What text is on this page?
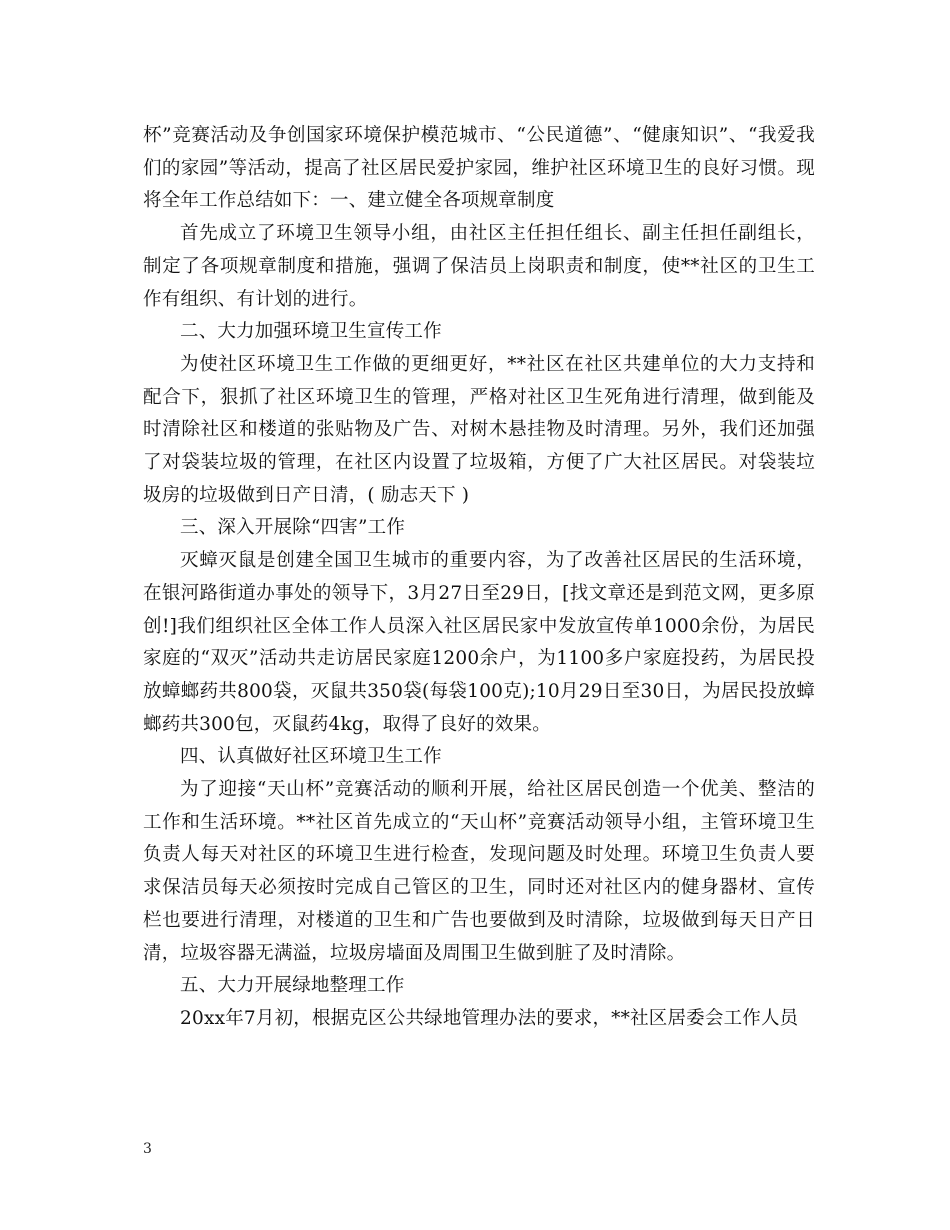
杯”竞赛活动及争创国家环境保护模范城市、“公民道德”、“健康知识”、“我爱我们的家园”等活动，提高了社区居民爱护家园，维护社区环境卫生的良好习惯。现将全年工作总结如下：一、建立健全各项规章制度

首先成立了环境卫生领导小组，由社区主任担任组长、副主任担任副组长，制定了各项规章制度和措施，强调了保洁员上岗职责和制度，使**社区的卫生工作有组织、有计划的进行。

二、大力加强环境卫生宣传工作

为使社区环境卫生工作做的更细更好，**社区在社区共建单位的大力支持和配合下，狠抓了社区环境卫生的管理，严格对社区卫生死角进行清理，做到能及时清除社区和楼道的张贴物及广告、对树木悬挂物及时清理。另外，我们还加强了对袋装垃圾的管理，在社区内设置了垃圾箱，方便了广大社区居民。对袋装垃圾房的垃圾做到日产日清，( 励志天下 )

三、深入开展除“四害”工作

灭蟑灭鼠是创建全国卫生城市的重要内容，为了改善社区居民的生活环境，在银河路街道办事处的领导下，3月27日至29日，[找文章还是到范文网，更多原创!]我们组织社区全体工作人员深入社区居民家中发放宣传单1000余份，为居民家庭的“双灭”活动共走访居民家庭1200余户，为1100多户家庭投药，为居民投放蟑螂药共800袋，灭鼠共350袋(每袋100克);10月29日至30日，为居民投放蟑螂药共300包，灭鼠药4kg，取得了良好的效果。

四、认真做好社区环境卫生工作

为了迎接“天山杯”竞赛活动的顺利开展，给社区居民创造一个优美、整洁的工作和生活环境。**社区首先成立的“天山杯”竞赛活动领导小组，主管环境卫生负责人每天对社区的环境卫生进行检查，发现问题及时处理。环境卫生负责人要求保洁员每天必须按时完成自己管区的卫生，同时还对社区内的健身器材、宣传栏也要进行清理，对楼道的卫生和广告也要做到及时清除，垃圾做到每天日产日清，垃圾容器无满溢，垃圾房墙面及周围卫生做到脏了及时清除。

五、大力开展绿地整理工作

20xx年7月初，根据克区公共绿地管理办法的要求，**社区居委会工作人员

3
